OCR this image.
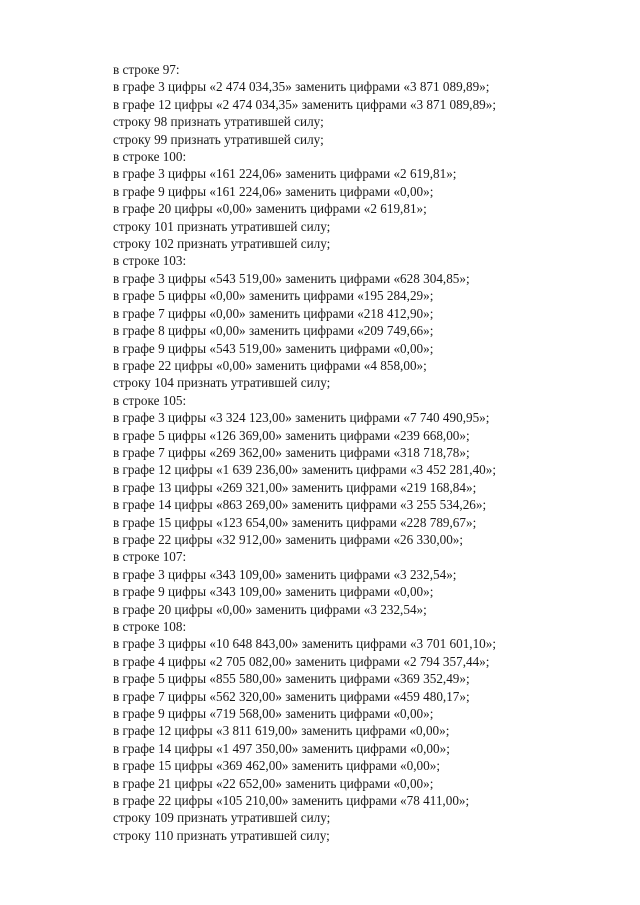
в строке 97:
в графе 3 цифры «2 474 034,35» заменить цифрами «3 871 089,89»;
в графе 12 цифры «2 474 034,35» заменить цифрами «3 871 089,89»;
строку 98 признать утратившей силу;
строку 99 признать утратившей силу;
в строке 100:
в графе 3 цифры «161 224,06» заменить цифрами «2 619,81»;
в графе 9 цифры «161 224,06» заменить цифрами «0,00»;
в графе 20 цифры «0,00» заменить цифрами «2 619,81»;
строку 101 признать утратившей силу;
строку 102 признать утратившей силу;
в строке 103:
в графе 3 цифры «543 519,00» заменить цифрами «628 304,85»;
в графе 5 цифры «0,00» заменить цифрами «195 284,29»;
в графе 7 цифры «0,00» заменить цифрами «218 412,90»;
в графе 8 цифры «0,00» заменить цифрами «209 749,66»;
в графе 9 цифры «543 519,00» заменить цифрами «0,00»;
в графе 22 цифры «0,00» заменить цифрами «4 858,00»;
строку 104 признать утратившей силу;
в строке 105:
в графе 3 цифры «3 324 123,00» заменить цифрами «7 740 490,95»;
в графе 5 цифры «126 369,00» заменить цифрами «239 668,00»;
в графе 7 цифры «269 362,00» заменить цифрами «318 718,78»;
в графе 12 цифры «1 639 236,00» заменить цифрами «3 452 281,40»;
в графе 13 цифры «269 321,00» заменить цифрами «219 168,84»;
в графе 14 цифры «863 269,00» заменить цифрами «3 255 534,26»;
в графе 15 цифры «123 654,00» заменить цифрами «228 789,67»;
в графе 22 цифры «32 912,00» заменить цифрами «26 330,00»;
в строке 107:
в графе 3 цифры «343 109,00» заменить цифрами «3 232,54»;
в графе 9 цифры «343 109,00» заменить цифрами «0,00»;
в графе 20 цифры «0,00» заменить цифрами «3 232,54»;
в строке 108:
в графе 3 цифры «10 648 843,00» заменить цифрами «3 701 601,10»;
в графе 4 цифры «2 705 082,00» заменить цифрами «2 794 357,44»;
в графе 5 цифры «855 580,00» заменить цифрами «369 352,49»;
в графе 7 цифры «562 320,00» заменить цифрами «459 480,17»;
в графе 9 цифры «719 568,00» заменить цифрами «0,00»;
в графе 12 цифры «3 811 619,00» заменить цифрами «0,00»;
в графе 14 цифры «1 497 350,00» заменить цифрами «0,00»;
в графе 15 цифры «369 462,00» заменить цифрами «0,00»;
в графе 21 цифры «22 652,00» заменить цифрами «0,00»;
в графе 22 цифры «105 210,00» заменить цифрами «78 411,00»;
строку 109 признать утратившей силу;
строку 110 признать утратившей силу;
